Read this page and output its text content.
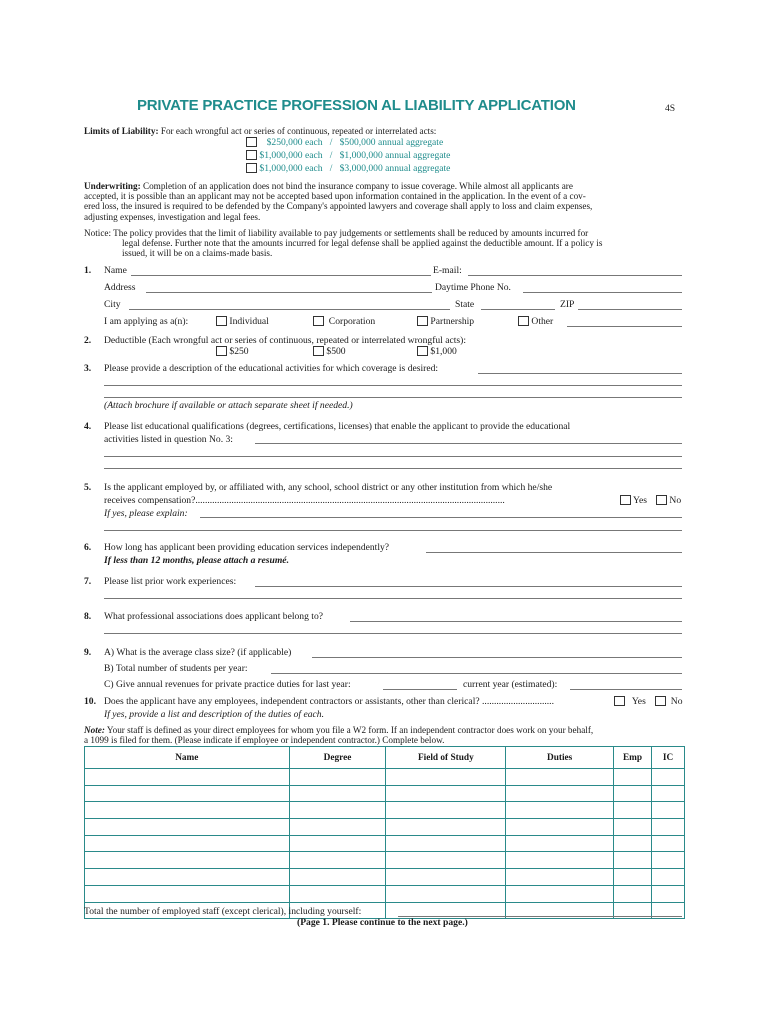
PRIVATE PRACTICE PROFESSION AL LIABILITY APPLICATION	4S
Limits of Liability: For each wrongful act or series of continuous, repeated or interrelated acts:
$250,000 each   /   $500,000 annual aggregate
$1,000,000 each   /   $1,000,000 annual aggregate
$1,000,000 each   /   $3,000,000 annual aggregate
Underwriting: Completion of an application does not bind the insurance company to issue coverage. While almost all applicants are
accepted, it is possible than an applicant may not be accepted based upon information contained in the application. In the event of a cov-
ered loss, the insured is required to be defended by the Company's appointed lawyers and coverage shall apply to loss and claim expenses,
adjusting expenses, investigation and legal fees.
Notice: The policy provides that the limit of liability available to pay judgements or settlements shall be reduced by amounts incurred for
legal defense. Further note that the amounts incurred for legal defense shall be applied against the deductible amount. If a policy is
issued, it will be on a claims-made basis.
1. Name	E-mail:
Address	Daytime Phone No.
City	State	ZIP
I am applying as a(n):	Individual	Corporation	Partnership	Other
2. Deductible (Each wrongful act or series of continuous, repeated or interrelated wrongful acts):
$250	$500	$1,000
3. Please provide a description of the educational activities for which coverage is desired:
(Attach brochure if available or attach separate sheet if needed.)
4. Please list educational qualifications (degrees, certifications, licenses) that enable the applicant to provide the educational
activities listed in question No. 3:
5. Is the applicant employed by, or affiliated with, any school, school district or any other institution from which he/she
receives compensation?.................................................................................................................................	Yes	No
If yes, please explain:
6. How long has applicant been providing education services independently?
If less than 12 months, please attach a resumé.
7. Please list prior work experiences:
8. What professional associations does applicant belong to?
9. A) What is the average class size? (if applicable)
B) Total number of students per year:
C) Give annual revenues for private practice duties for last year:	current year (estimated):
10. Does the applicant have any employees, independent contractors or assistants, other than clerical? ..............................	Yes	No
If yes, provide a list and description of the duties of each.
Note: Your staff is defined as your direct employees for whom you file a W2 form. If an independent contractor does work on your behalf,
a 1099 is filed for them. (Please indicate if employee or independent contractor.) Complete below.
Name	Degree	Field of Study	Duties	Emp	IC

Total the number of employed staff (except clerical), including yourself:
(Page 1. Please continue to the next page.)
